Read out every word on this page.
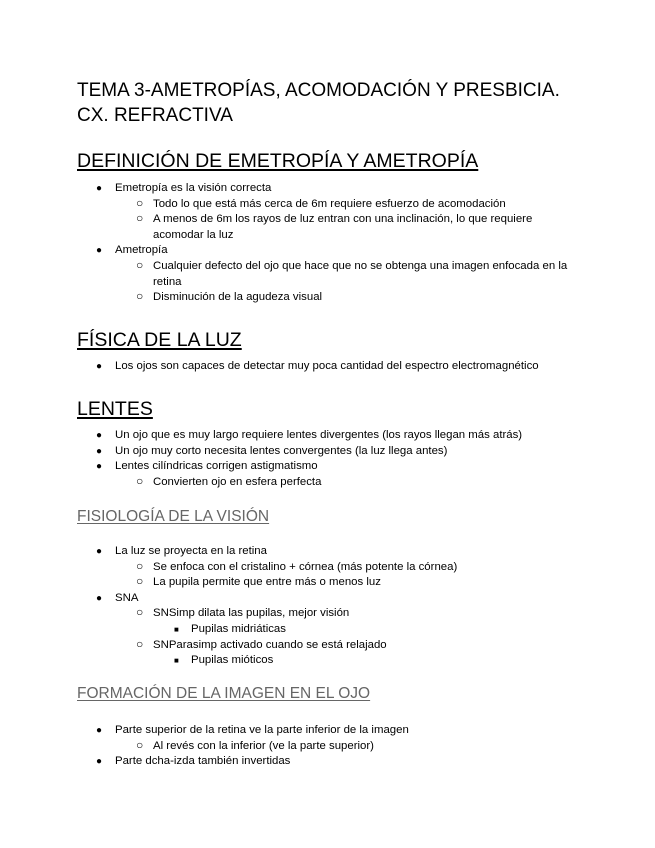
TEMA 3-AMETROPÍAS, ACOMODACIÓN Y PRESBICIA.
CX. REFRACTIVA
DEFINICIÓN DE EMETROPÍA Y AMETROPÍA
● Emetropía es la visión correcta
○ Todo lo que está más cerca de 6m requiere esfuerzo de acomodación
○ A menos de 6m los rayos de luz entran con una inclinación, lo que requiere acomodar la luz
● Ametropía
○ Cualquier defecto del ojo que hace que no se obtenga una imagen enfocada en la retina
○ Disminución de la agudeza visual
FÍSICA DE LA LUZ
● Los ojos son capaces de detectar muy poca cantidad del espectro electromagnético
LENTES
● Un ojo que es muy largo requiere lentes divergentes (los rayos llegan más atrás)
● Un ojo muy corto necesita lentes convergentes (la luz llega antes)
● Lentes cilíndricas corrigen astigmatismo
○ Convierten ojo en esfera perfecta
FISIOLOGÍA DE LA VISIÓN
● La luz se proyecta en la retina
○ Se enfoca con el cristalino + córnea (más potente la córnea)
○ La pupila permite que entre más o menos luz
● SNA
○ SNSimp dilata las pupilas, mejor visión
■ Pupilas midriáticas
○ SNParasimp activado cuando se está relajado
■ Pupilas mióticos
FORMACIÓN DE LA IMAGEN EN EL OJO
● Parte superior de la retina ve la parte inferior de la imagen
○ Al revés con la inferior (ve la parte superior)
● Parte dcha-izda también invertidas
